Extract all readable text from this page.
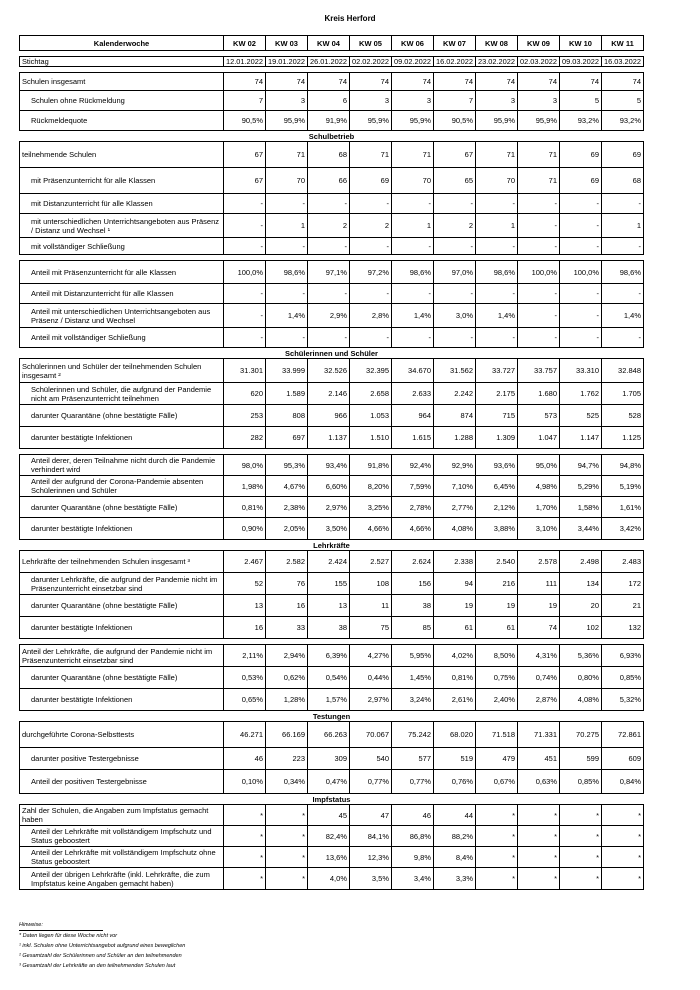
Kreis Herford
Kalenderwoche	KW 02	KW 03	KW 04	KW 05	KW 06	KW 07	KW 08	KW 09	KW 10	KW 11

Stichtag	12.01.2022	19.01.2022	26.01.2022	02.02.2022	09.02.2022	16.02.2022	23.02.2022	02.03.2022	09.03.2022	16.03.2022

Schulen insgesamt	74	74	74	74	74	74	74	74	74	74
Schulen ohne Rückmeldung	7	3	6	3	3	7	3	3	5	5
Rückmeldequote	90,5%	95,9%	91,9%	95,9%	95,9%	90,5%	95,9%	95,9%	93,2%	93,2%
Schulbetrieb										
teilnehmende Schulen	67	71	68	71	71	67	71	71	69	69
mit Präsenzunterricht für alle Klassen	67	70	66	69	70	65	70	71	69	68
mit Distanzunterricht für alle Klassen	-	-	-	-	-	-	-	-	-	-
mit unterschiedlichen Unterrichtsangeboten aus Präsenz / Distanz und Wechsel ¹	-	1	2	2	1	2	1	-	-	1
mit vollständiger Schließung	-	-	-	-	-	-	-	-	-	-

Anteil mit Präsenzunterricht für alle Klassen	100,0%	98,6%	97,1%	97,2%	98,6%	97,0%	98,6%	100,0%	100,0%	98,6%
Anteil mit Distanzunterricht für alle Klassen	-	-	-	-	-	-	-	-	-	-
Anteil mit unterschiedlichen Unterrichtsangeboten aus Präsenz / Distanz und Wechsel	-	1,4%	2,9%	2,8%	1,4%	3,0%	1,4%	-	-	1,4%
Anteil mit vollständiger Schließung	-	-	-	-	-	-	-	-	-	-
Schülerinnen und Schüler										
Schülerinnen und Schüler der teilnehmenden Schulen insgesamt ²	31.301	33.999	32.526	32.395	34.670	31.562	33.727	33.757	33.310	32.848
Schülerinnen und Schüler, die aufgrund der Pandemie nicht am Präsenzunterricht teilnehmen	620	1.589	2.146	2.658	2.633	2.242	2.175	1.680	1.762	1.705
darunter Quarantäne (ohne bestätigte Fälle)	253	808	966	1.053	964	874	715	573	525	528
darunter bestätigte Infektionen	282	697	1.137	1.510	1.615	1.288	1.309	1.047	1.147	1.125

Anteil derer, deren Teilnahme nicht durch die Pandemie verhindert wird	98,0%	95,3%	93,4%	91,8%	92,4%	92,9%	93,6%	95,0%	94,7%	94,8%
Anteil der aufgrund der Corona-Pandemie absenten Schülerinnen und Schüler	1,98%	4,67%	6,60%	8,20%	7,59%	7,10%	6,45%	4,98%	5,29%	5,19%
darunter Quarantäne (ohne bestätigte Fälle)	0,81%	2,38%	2,97%	3,25%	2,78%	2,77%	2,12%	1,70%	1,58%	1,61%
darunter bestätigte Infektionen	0,90%	2,05%	3,50%	4,66%	4,66%	4,08%	3,88%	3,10%	3,44%	3,42%
Lehrkräfte										
Lehrkräfte der teilnehmenden Schulen insgesamt ³	2.467	2.582	2.424	2.527	2.624	2.338	2.540	2.578	2.498	2.483
darunter Lehrkräfte, die aufgrund der Pandemie nicht im Präsenzunterricht einsetzbar sind	52	76	155	108	156	94	216	111	134	172
darunter Quarantäne (ohne bestätigte Fälle)	13	16	13	11	38	19	19	19	20	21
darunter bestätigte Infektionen	16	33	38	75	85	61	61	74	102	132

Anteil der Lehrkräfte, die aufgrund der Pandemie nicht im Präsenzunterricht einsetzbar sind	2,11%	2,94%	6,39%	4,27%	5,95%	4,02%	8,50%	4,31%	5,36%	6,93%
darunter Quarantäne (ohne bestätigte Fälle)	0,53%	0,62%	0,54%	0,44%	1,45%	0,81%	0,75%	0,74%	0,80%	0,85%
darunter bestätigte Infektionen	0,65%	1,28%	1,57%	2,97%	3,24%	2,61%	2,40%	2,87%	4,08%	5,32%
Testungen										
durchgeführte Corona-Selbsttests	46.271	66.169	66.263	70.067	75.242	68.020	71.518	71.331	70.275	72.861
darunter positive Testergebnisse	46	223	309	540	577	519	479	451	599	609
Anteil der positiven Testergebnisse	0,10%	0,34%	0,47%	0,77%	0,77%	0,76%	0,67%	0,63%	0,85%	0,84%
Impfstatus										
Zahl der Schulen, die Angaben zum Impfstatus gemacht haben	*	*	45	47	46	44	*	*	*	*
Anteil der Lehrkräfte mit vollständigem Impfschutz und Status geboostert	*	*	82,4%	84,1%	86,8%	88,2%	*	*	*	*
Anteil der Lehrkräfte mit vollständigem Impfschutz ohne Status geboostert	*	*	13,6%	12,3%	9,8%	8,4%	*	*	*	*
Anteil der übrigen Lehrkräfte (inkl. Lehrkräfte, die zum Impfstatus keine Angaben gemacht haben)	*	*	4,0%	3,5%	3,4%	3,3%	*	*	*	*
Hinweise:
* Daten liegen für diese Woche nicht vor
¹ inkl. Schulen ohne Unterrichtsangebot aufgrund eines beweglichen
² Gesamtzahl der Schülerinnen und Schüler an den teilnehmenden
³ Gesamtzahl der Lehrkräfte an den teilnehmenden Schulen laut
